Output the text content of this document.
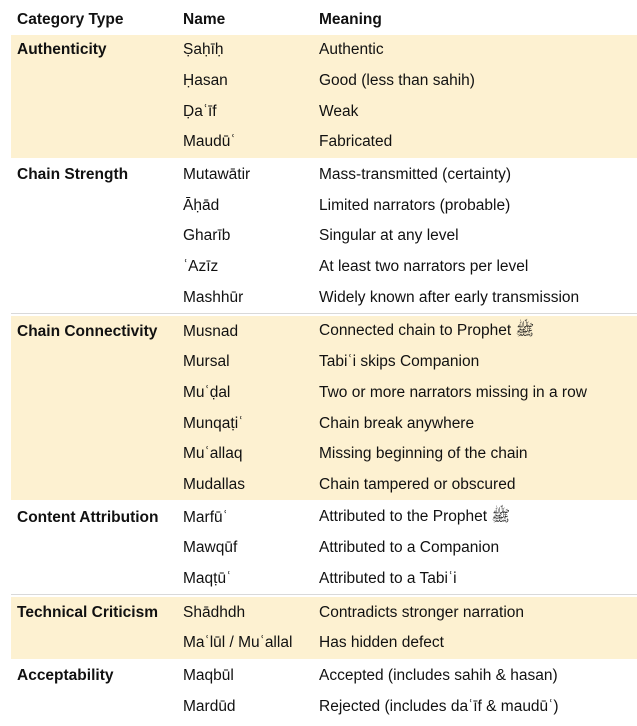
Category Type	Name	Meaning
Authenticity	Ṣaḥīḥ	Authentic
Ḥasan	Good (less than sahih)
Ḍaʿīf	Weak
Maudūʿ	Fabricated
Chain Strength	Mutawātir	Mass-transmitted (certainty)
Āḥād	Limited narrators (probable)
Gharīb	Singular at any level
ʿAzīz	At least two narrators per level
Mashhūr	Widely known after early transmission
Chain Connectivity	Musnad	Connected chain to Prophet ﷺ
Mursal	Tabiʿi skips Companion
Muʿḍal	Two or more narrators missing in a row
Munqaṭiʿ	Chain break anywhere
Muʿallaq	Missing beginning of the chain
Mudallas	Chain tampered or obscured
Content Attribution	Marfūʿ	Attributed to the Prophet ﷺ
Mawqūf	Attributed to a Companion
Maqṭūʿ	Attributed to a Tabiʿi
Technical Criticism	Shādhdh	Contradicts stronger narration
Maʿlūl / Muʿallal	Has hidden defect
Acceptability	Maqbūl	Accepted (includes sahih & hasan)
Mardūd	Rejected (includes daʿīf & maudūʿ)
